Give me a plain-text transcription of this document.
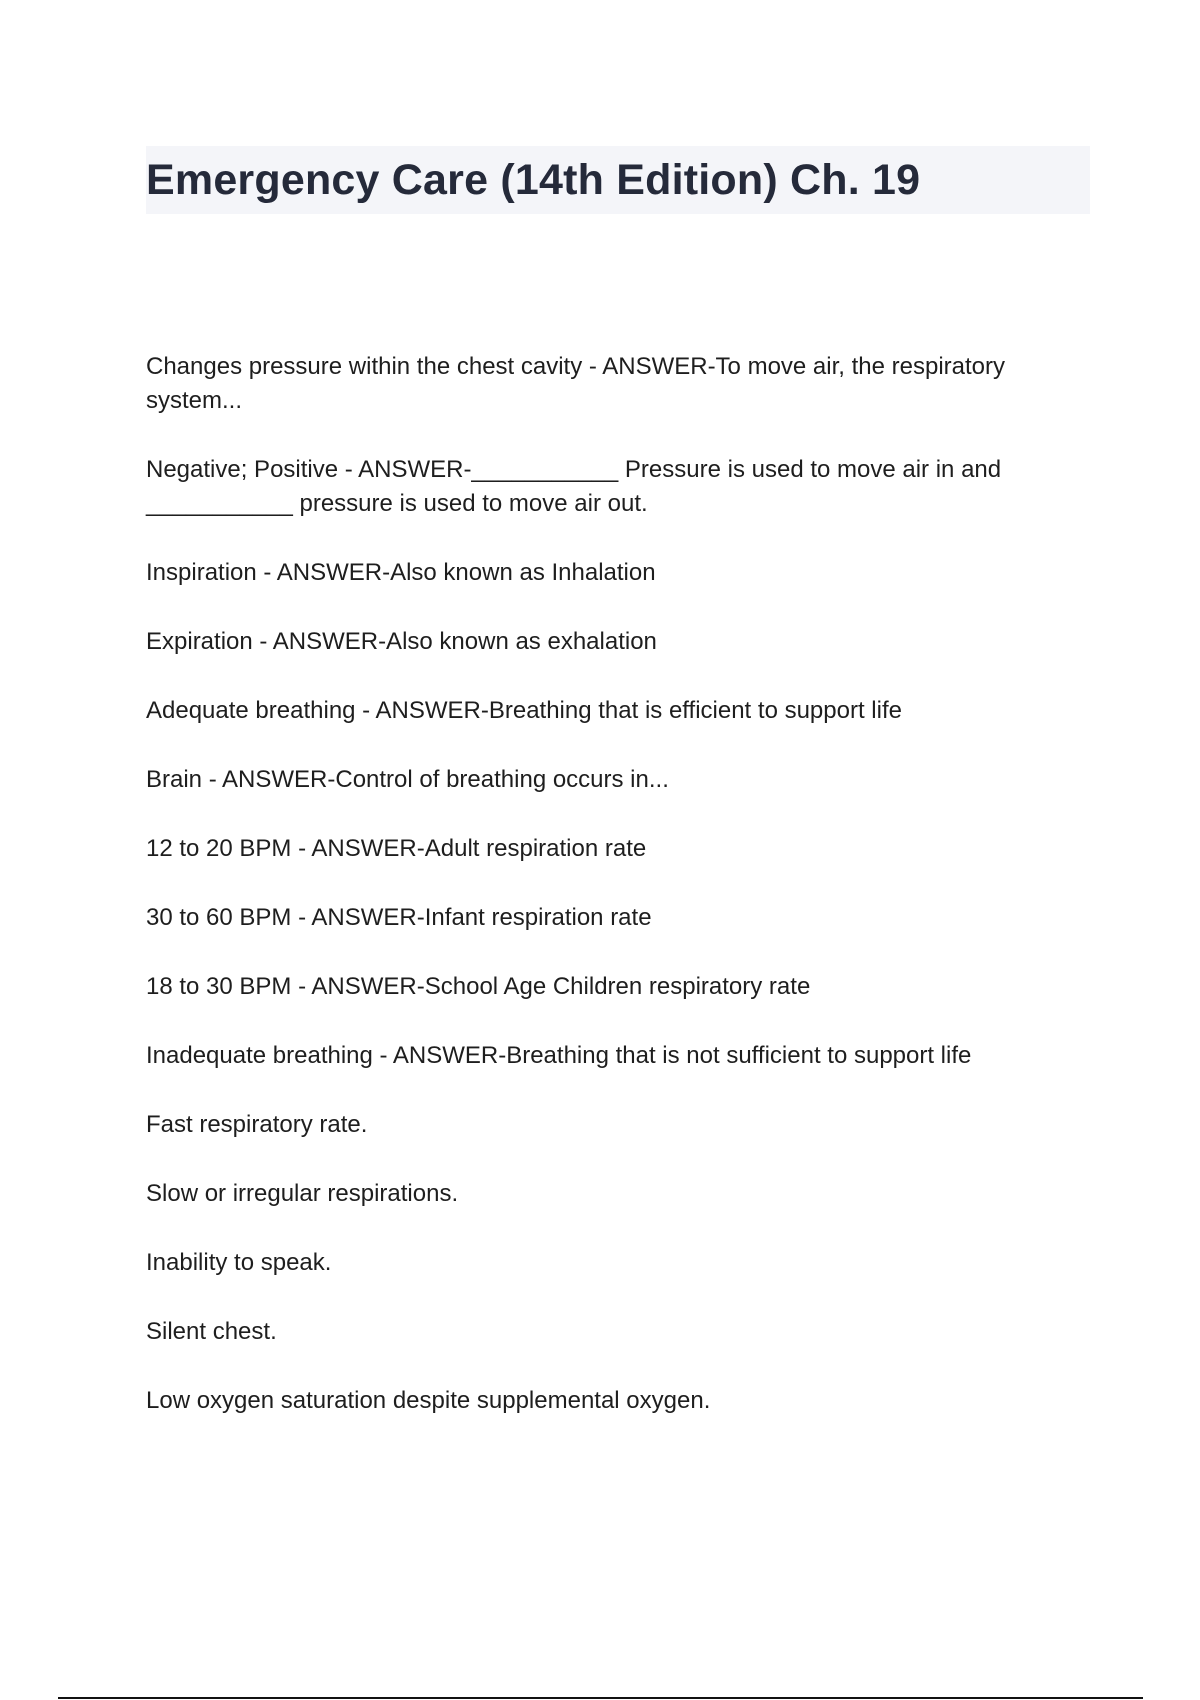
Emergency Care (14th Edition) Ch. 19
Changes pressure within the chest cavity - ANSWER-To move air, the respiratory system...
Negative; Positive - ANSWER-___________ Pressure is used to move air in and ___________ pressure is used to move air out.
Inspiration - ANSWER-Also known as Inhalation
Expiration - ANSWER-Also known as exhalation
Adequate breathing - ANSWER-Breathing that is efficient to support life
Brain - ANSWER-Control of breathing occurs in...
12 to 20 BPM - ANSWER-Adult respiration rate
30 to 60 BPM - ANSWER-Infant respiration rate
18 to 30 BPM - ANSWER-School Age Children respiratory rate
Inadequate breathing - ANSWER-Breathing that is not sufficient to support life
Fast respiratory rate.
Slow or irregular respirations.
Inability to speak.
Silent chest.
Low oxygen saturation despite supplemental oxygen.
